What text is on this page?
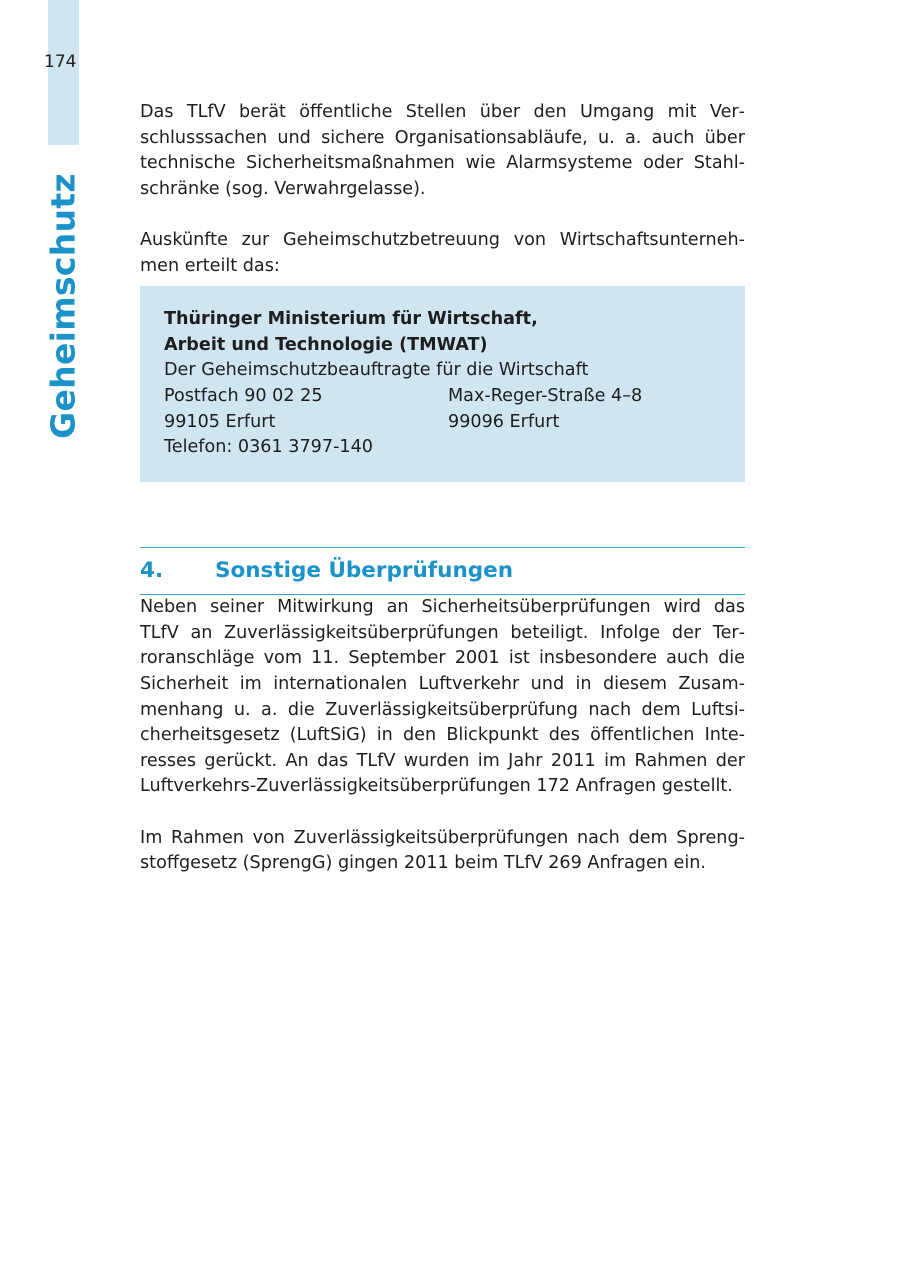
174
Geheimschutz

Das TLfV berät öffentliche Stellen über den Umgang mit Verschlusssachen und sichere Organisationsabläufe, u. a. auch über technische Sicherheitsmaßnahmen wie Alarmsysteme oder Stahlschränke (sog. Verwahrgelasse).

Auskünfte zur Geheimschutzbetreuung von Wirtschaftsunternehmen erteilt das:

Thüringer Ministerium für Wirtschaft,
Arbeit und Technologie (TMWAT)
Der Geheimschutzbeauftragte für die Wirtschaft
Postfach 90 02 25	Max-Reger-Straße 4–8
99105 Erfurt	99096 Erfurt
Telefon: 0361 3797-140
4.	Sonstige Überprüfungen

Neben seiner Mitwirkung an Sicherheitsüberprüfungen wird das TLfV an Zuverlässigkeitsüberprüfungen beteiligt. Infolge der Terroranschläge vom 11. September 2001 ist insbesondere auch die Sicherheit im internationalen Luftverkehr und in diesem Zusammenhang u. a. die Zuverlässigkeitsüberprüfung nach dem Luftsicherheitsgesetz (LuftSiG) in den Blickpunkt des öffentlichen Interesses gerückt. An das TLfV wurden im Jahr 2011 im Rahmen der Luftverkehrs-Zuverlässigkeitsüberprüfungen 172 Anfragen gestellt.

Im Rahmen von Zuverlässigkeitsüberprüfungen nach dem Sprengstoffgesetz (SprengG) gingen 2011 beim TLfV 269 Anfragen ein.
